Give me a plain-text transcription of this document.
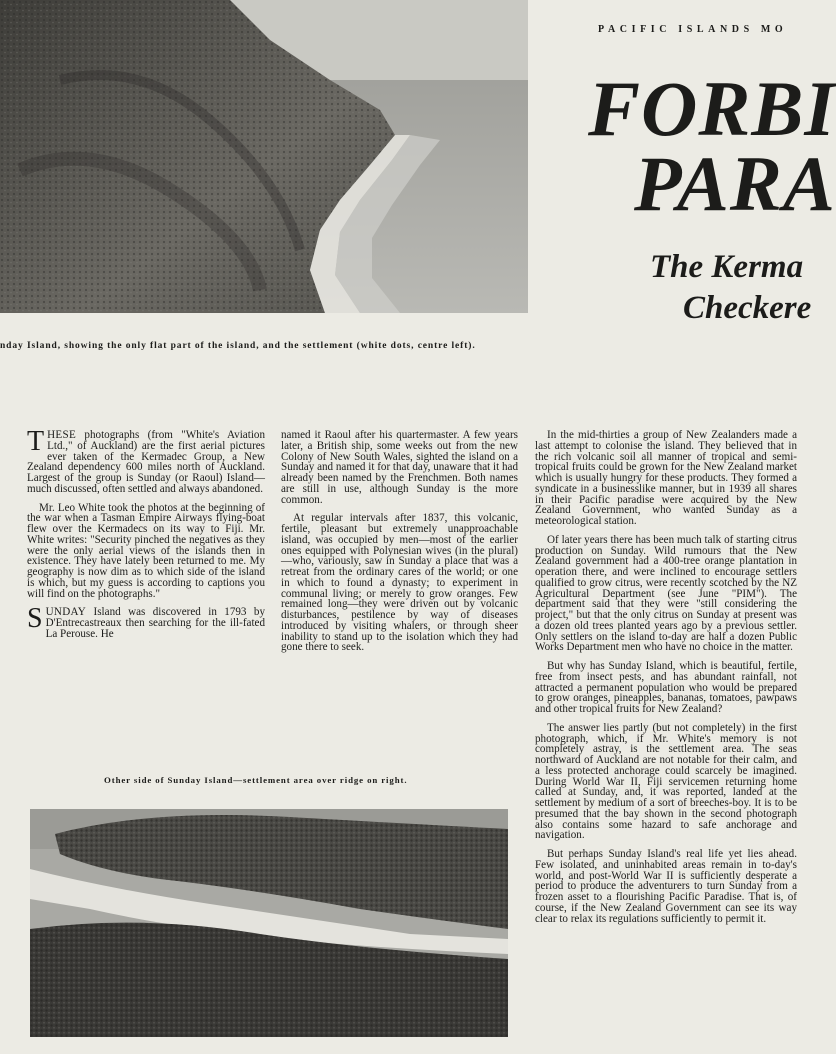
PACIFIC ISLANDS MO
FORBI
PARA
The Kerma
Checkere
nday Island, showing the only flat part of the island, and the settlement (white dots, centre left).

THESE photographs (from "White's Aviation Ltd.," of Auckland) are the first aerial pictures ever taken of the Kermadec Group, a New Zealand dependency 600 miles north of Auckland. Largest of the group is Sunday (or Raoul) Island—much discussed, often settled and always abandoned.

Mr. Leo White took the photos at the beginning of the war when a Tasman Empire Airways flying-boat flew over the Kermadecs on its way to Fiji. Mr. White writes: "Security pinched the negatives as they were the only aerial views of the islands then in existence. They have lately been returned to me. My geography is now dim as to which side of the island is which, but my guess is according to captions you will find on the photographs."

SUNDAY Island was discovered in 1793 by D'Entrecastreaux then searching for the ill-fated La Perouse. He

named it Raoul after his quartermaster. A few years later, a British ship, some weeks out from the new Colony of New South Wales, sighted the island on a Sunday and named it for that day, unaware that it had already been named by the Frenchmen. Both names are still in use, although Sunday is the more common.

At regular intervals after 1837, this volcanic, fertile, pleasant but extremely unapproachable island, was occupied by men—most of the earlier ones equipped with Polynesian wives (in the plural)—who, variously, saw in Sunday a place that was a retreat from the ordinary cares of the world; or one in which to found a dynasty; to experiment in communal living; or merely to grow oranges. Few remained long—they were driven out by volcanic disturbances, pestilence by way of diseases introduced by visiting whalers, or through sheer inability to stand up to the isolation which they had gone there to seek.

In the mid-thirties a group of New Zealanders made a last attempt to colonise the island. They believed that in the rich volcanic soil all manner of tropical and semi-tropical fruits could be grown for the New Zealand market which is usually hungry for these products. They formed a syndicate in a businesslike manner, but in 1939 all shares in their Pacific paradise were acquired by the New Zealand Government, who wanted Sunday as a meteorological station.

Of later years there has been much talk of starting citrus production on Sunday. Wild rumours that the New Zealand government had a 400-tree orange plantation in operation there, and were inclined to encourage settlers qualified to grow citrus, were recently scotched by the NZ Agricultural Department (see June "PIM"). The department said that they were "still considering the project," but that the only citrus on Sunday at present was a dozen old trees planted years ago by a previous settler. Only settlers on the island to-day are half a dozen Public Works Department men who have no choice in the matter.

But why has Sunday Island, which is beautiful, fertile, free from insect pests, and has abundant rainfall, not attracted a permanent population who would be prepared to grow oranges, pineapples, bananas, tomatoes, pawpaws and other tropical fruits for New Zealand?

The answer lies partly (but not completely) in the first photograph, which, if Mr. White's memory is not completely astray, is the settlement area. The seas northward of Auckland are not notable for their calm, and a less protected anchorage could scarcely be imagined. During World War II, Fiji servicemen returning home called at Sunday, and, it was reported, landed at the settlement by medium of a sort of breeches-boy. It is to be presumed that the bay shown in the second photograph also contains some hazard to safe anchorage and navigation.

But perhaps Sunday Island's real life yet lies ahead. Few isolated, and uninhabited areas remain in to-day's world, and post-World War II is sufficiently desperate a period to produce the adventurers to turn Sunday from a frozen asset to a flourishing Pacific Paradise. That is, of course, if the New Zealand Government can see its way clear to relax its regulations sufficiently to permit it.

Other side of Sunday Island—settlement area over ridge on right.
